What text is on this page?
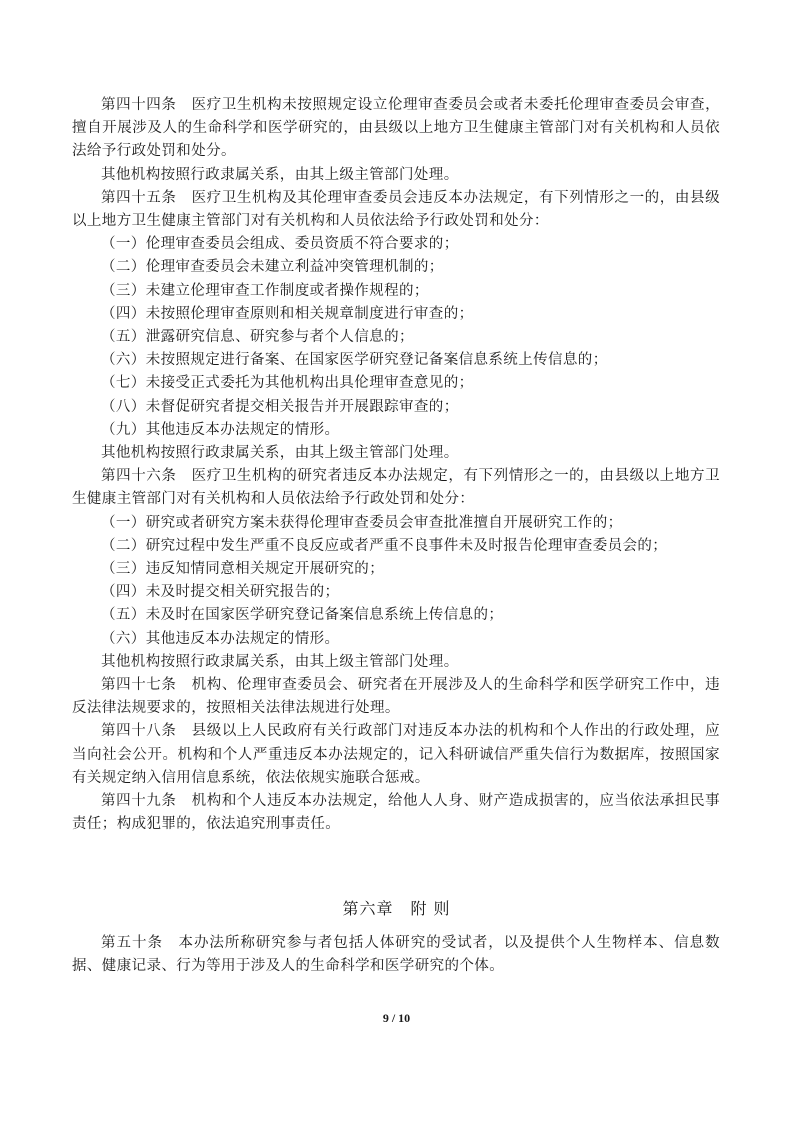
第四十四条　医疗卫生机构未按照规定设立伦理审查委员会或者未委托伦理审查委员会审查，擅自开展涉及人的生命科学和医学研究的，由县级以上地方卫生健康主管部门对有关机构和人员依法给予行政处罚和处分。

其他机构按照行政隶属关系，由其上级主管部门处理。

第四十五条　医疗卫生机构及其伦理审查委员会违反本办法规定，有下列情形之一的，由县级以上地方卫生健康主管部门对有关机构和人员依法给予行政处罚和处分：

（一）伦理审查委员会组成、委员资质不符合要求的；

（二）伦理审查委员会未建立利益冲突管理机制的；

（三）未建立伦理审查工作制度或者操作规程的；

（四）未按照伦理审查原则和相关规章制度进行审查的；

（五）泄露研究信息、研究参与者个人信息的；

（六）未按照规定进行备案、在国家医学研究登记备案信息系统上传信息的；

（七）未接受正式委托为其他机构出具伦理审查意见的；

（八）未督促研究者提交相关报告并开展跟踪审查的；

（九）其他违反本办法规定的情形。

其他机构按照行政隶属关系，由其上级主管部门处理。

第四十六条　医疗卫生机构的研究者违反本办法规定，有下列情形之一的，由县级以上地方卫生健康主管部门对有关机构和人员依法给予行政处罚和处分：

（一）研究或者研究方案未获得伦理审查委员会审查批准擅自开展研究工作的；

（二）研究过程中发生严重不良反应或者严重不良事件未及时报告伦理审查委员会的；

（三）违反知情同意相关规定开展研究的；

（四）未及时提交相关研究报告的；

（五）未及时在国家医学研究登记备案信息系统上传信息的；

（六）其他违反本办法规定的情形。

其他机构按照行政隶属关系，由其上级主管部门处理。

第四十七条　机构、伦理审查委员会、研究者在开展涉及人的生命科学和医学研究工作中，违反法律法规要求的，按照相关法律法规进行处理。

第四十八条　县级以上人民政府有关行政部门对违反本办法的机构和个人作出的行政处理，应当向社会公开。机构和个人严重违反本办法规定的，记入科研诚信严重失信行为数据库，按照国家有关规定纳入信用信息系统，依法依规实施联合惩戒。

第四十九条　机构和个人违反本办法规定，给他人人身、财产造成损害的，应当依法承担民事责任；构成犯罪的，依法追究刑事责任。

第六章　附 则

第五十条　本办法所称研究参与者包括人体研究的受试者，以及提供个人生物样本、信息数据、健康记录、行为等用于涉及人的生命科学和医学研究的个体。

9 / 10
